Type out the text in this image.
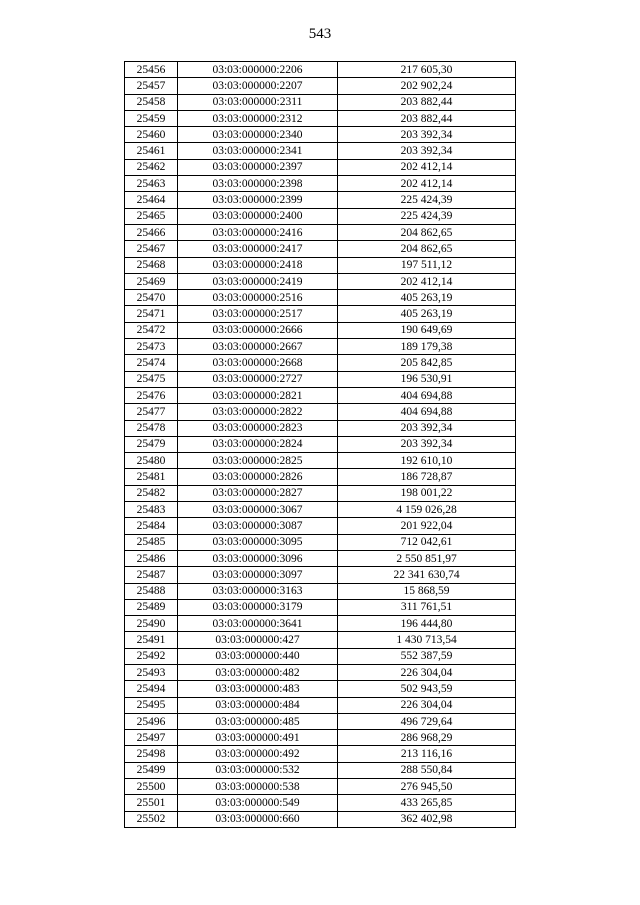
543
25456	03:03:000000:2206	217 605,30
25457	03:03:000000:2207	202 902,24
25458	03:03:000000:2311	203 882,44
25459	03:03:000000:2312	203 882,44
25460	03:03:000000:2340	203 392,34
25461	03:03:000000:2341	203 392,34
25462	03:03:000000:2397	202 412,14
25463	03:03:000000:2398	202 412,14
25464	03:03:000000:2399	225 424,39
25465	03:03:000000:2400	225 424,39
25466	03:03:000000:2416	204 862,65
25467	03:03:000000:2417	204 862,65
25468	03:03:000000:2418	197 511,12
25469	03:03:000000:2419	202 412,14
25470	03:03:000000:2516	405 263,19
25471	03:03:000000:2517	405 263,19
25472	03:03:000000:2666	190 649,69
25473	03:03:000000:2667	189 179,38
25474	03:03:000000:2668	205 842,85
25475	03:03:000000:2727	196 530,91
25476	03:03:000000:2821	404 694,88
25477	03:03:000000:2822	404 694,88
25478	03:03:000000:2823	203 392,34
25479	03:03:000000:2824	203 392,34
25480	03:03:000000:2825	192 610,10
25481	03:03:000000:2826	186 728,87
25482	03:03:000000:2827	198 001,22
25483	03:03:000000:3067	4 159 026,28
25484	03:03:000000:3087	201 922,04
25485	03:03:000000:3095	712 042,61
25486	03:03:000000:3096	2 550 851,97
25487	03:03:000000:3097	22 341 630,74
25488	03:03:000000:3163	15 868,59
25489	03:03:000000:3179	311 761,51
25490	03:03:000000:3641	196 444,80
25491	03:03:000000:427	1 430 713,54
25492	03:03:000000:440	552 387,59
25493	03:03:000000:482	226 304,04
25494	03:03:000000:483	502 943,59
25495	03:03:000000:484	226 304,04
25496	03:03:000000:485	496 729,64
25497	03:03:000000:491	286 968,29
25498	03:03:000000:492	213 116,16
25499	03:03:000000:532	288 550,84
25500	03:03:000000:538	276 945,50
25501	03:03:000000:549	433 265,85
25502	03:03:000000:660	362 402,98
